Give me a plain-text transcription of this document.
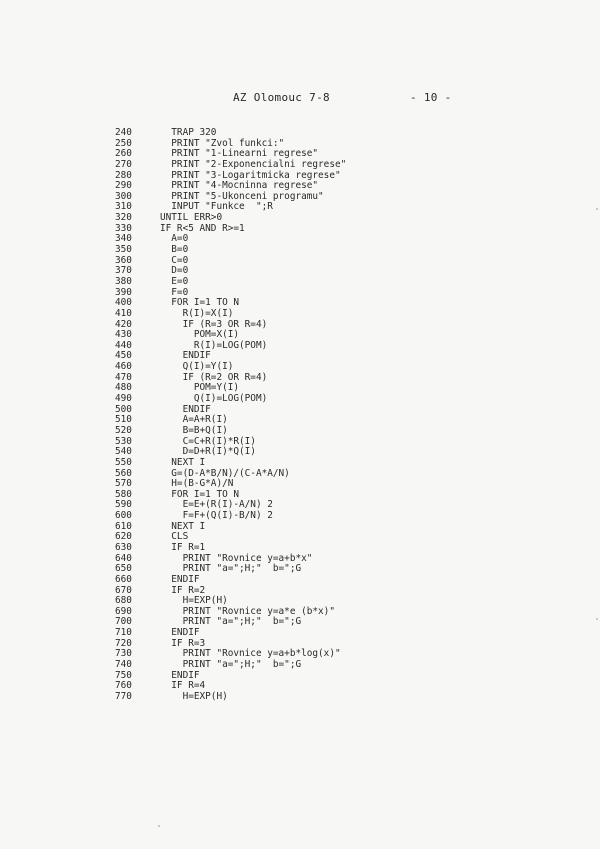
AZ Olomouc 7-8	- 10 -
240	TRAP 320
250	PRINT "Zvol funkci:"
260	PRINT "1-Linearni regrese"
270	PRINT "2-Exponencialni regrese"
280	PRINT "3-Logaritmicka regrese"
290	PRINT "4-Mocninna regrese"
300	PRINT "5-Ukonceni programu"
310	INPUT "Funkce  ";R
320	UNTIL ERR>0
330	IF R<5 AND R>=1
340	A=0
350	B=0
360	C=0
370	D=0
380	E=0
390	F=0
400	FOR I=1 TO N
410	R(I)=X(I)
420	IF (R=3 OR R=4)
430	POM=X(I)
440	R(I)=LOG(POM)
450	ENDIF
460	Q(I)=Y(I)
470	IF (R=2 OR R=4)
480	POM=Y(I)
490	Q(I)=LOG(POM)
500	ENDIF
510	A=A+R(I)
520	B=B+Q(I)
530	C=C+R(I)*R(I)
540	D=D+R(I)*Q(I)
550	NEXT I
560	G=(D-A*B/N)/(C-A*A/N)
570	H=(B-G*A)/N
580	FOR I=1 TO N
590	E=E+(R(I)-A/N) 2
600	F=F+(Q(I)-B/N) 2
610	NEXT I
620	CLS
630	IF R=1
640	PRINT "Rovnice y=a+b*x"
650	PRINT "a=";H;"  b=";G
660	ENDIF
670	IF R=2
680	H=EXP(H)
690	PRINT "Rovnice y=a*e (b*x)"
700	PRINT "a=";H;"  b=";G
710	ENDIF
720	IF R=3
730	PRINT "Rovnice y=a+b*log(x)"
740	PRINT "a=";H;"  b=";G
750	ENDIF
760	IF R=4
770	H=EXP(H)
